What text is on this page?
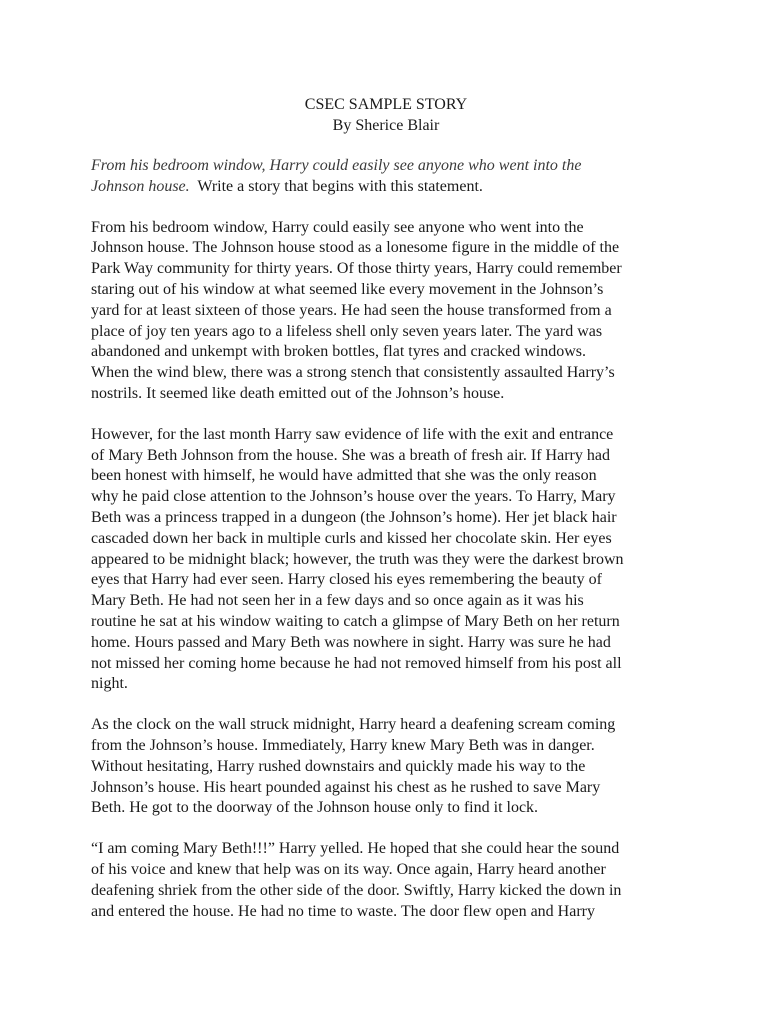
CSEC SAMPLE STORY
By Sherice Blair
From his bedroom window, Harry could easily see anyone who went into the
Johnson house. Write a story that begins with this statement.

From his bedroom window, Harry could easily see anyone who went into the
Johnson house. The Johnson house stood as a lonesome figure in the middle of the
Park Way community for thirty years. Of those thirty years, Harry could remember
staring out of his window at what seemed like every movement in the Johnson’s
yard for at least sixteen of those years. He had seen the house transformed from a
place of joy ten years ago to a lifeless shell only seven years later. The yard was
abandoned and unkempt with broken bottles, flat tyres and cracked windows.
When the wind blew, there was a strong stench that consistently assaulted Harry’s
nostrils. It seemed like death emitted out of the Johnson’s house.

However, for the last month Harry saw evidence of life with the exit and entrance
of Mary Beth Johnson from the house. She was a breath of fresh air. If Harry had
been honest with himself, he would have admitted that she was the only reason
why he paid close attention to the Johnson’s house over the years. To Harry, Mary
Beth was a princess trapped in a dungeon (the Johnson’s home). Her jet black hair
cascaded down her back in multiple curls and kissed her chocolate skin. Her eyes
appeared to be midnight black; however, the truth was they were the darkest brown
eyes that Harry had ever seen. Harry closed his eyes remembering the beauty of
Mary Beth. He had not seen her in a few days and so once again as it was his
routine he sat at his window waiting to catch a glimpse of Mary Beth on her return
home. Hours passed and Mary Beth was nowhere in sight. Harry was sure he had
not missed her coming home because he had not removed himself from his post all
night.

As the clock on the wall struck midnight, Harry heard a deafening scream coming
from the Johnson’s house. Immediately, Harry knew Mary Beth was in danger.
Without hesitating, Harry rushed downstairs and quickly made his way to the
Johnson’s house. His heart pounded against his chest as he rushed to save Mary
Beth. He got to the doorway of the Johnson house only to find it lock.

“I am coming Mary Beth!!!” Harry yelled. He hoped that she could hear the sound
of his voice and knew that help was on its way. Once again, Harry heard another
deafening shriek from the other side of the door. Swiftly, Harry kicked the down in
and entered the house. He had no time to waste. The door flew open and Harry
